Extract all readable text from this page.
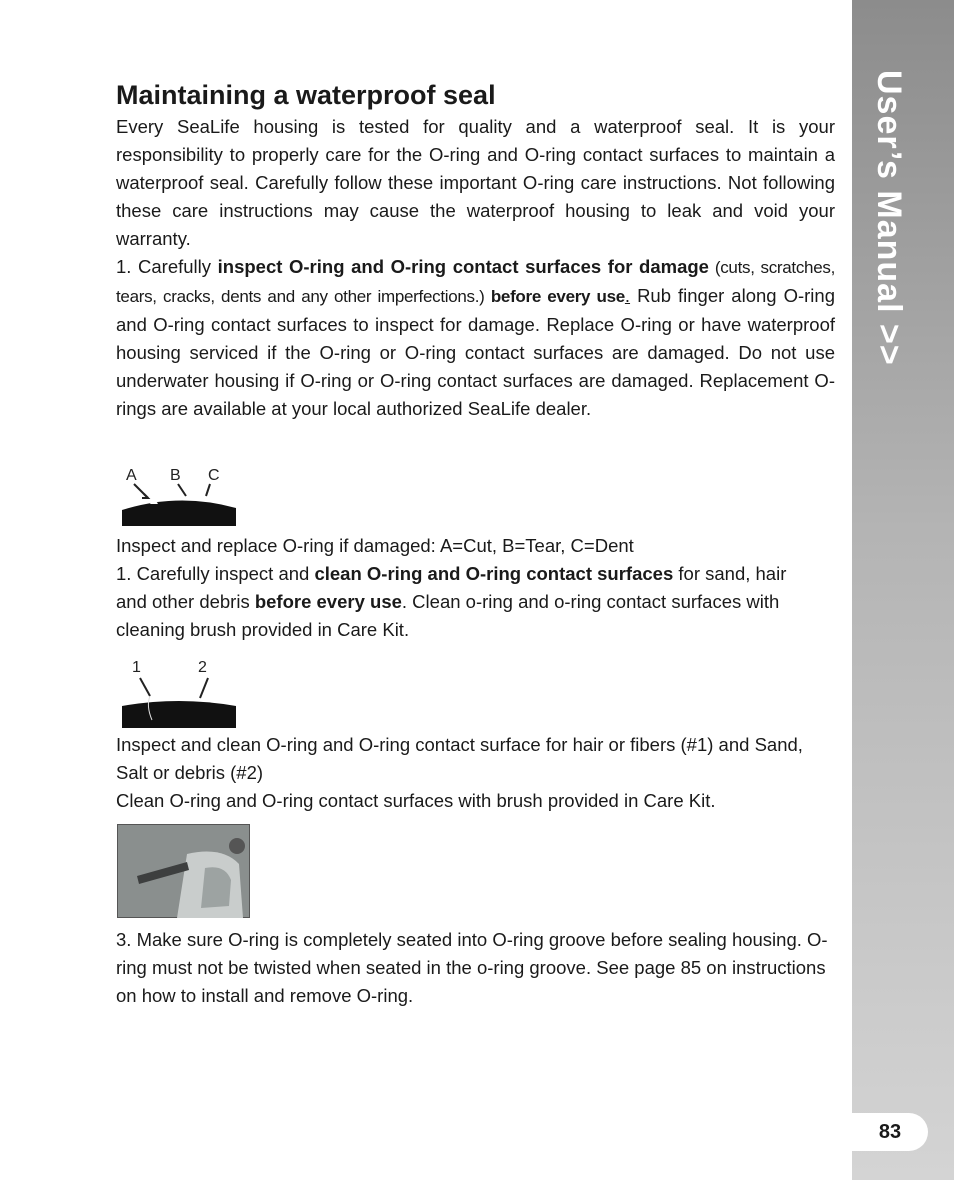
User’s Manual >>
83
Maintaining a waterproof seal

Every SeaLife housing is tested for quality and a waterproof seal. It is your responsibility to properly care for the O-ring and O-ring contact surfaces to maintain a waterproof seal. Carefully follow these important O-ring care instructions. Not following these care instructions may cause the waterproof housing to leak and void your warranty.

1. Carefully inspect O-ring and O-ring contact surfaces for damage (cuts, scratches, tears, cracks, dents and any other imperfections.) before every use. Rub finger along O-ring and O-ring contact surfaces to inspect for damage. Replace O-ring or have waterproof housing serviced if the O-ring or O-ring contact surfaces are damaged. Do not use underwater housing if O-ring or O-ring contact surfaces are damaged. Replacement O-rings are available at your local authorized SeaLife dealer.

A B C

Inspect and replace O-ring if damaged: A=Cut, B=Tear, C=Dent

1. Carefully inspect and clean O-ring and O-ring contact surfaces for sand, hair and other debris before every use. Clean o-ring and o-ring contact surfaces with cleaning brush provided in Care Kit.

1	2

Inspect and clean O-ring and O-ring contact surface for hair or fibers (#1) and Sand, Salt or debris (#2)

Clean O-ring and O-ring contact surfaces with brush provided in Care Kit.

3. Make sure O-ring is completely seated into O-ring groove before sealing housing. O-ring must not be twisted when seated in the o-ring groove. See page 85 on instructions on how to install and remove O-ring.
